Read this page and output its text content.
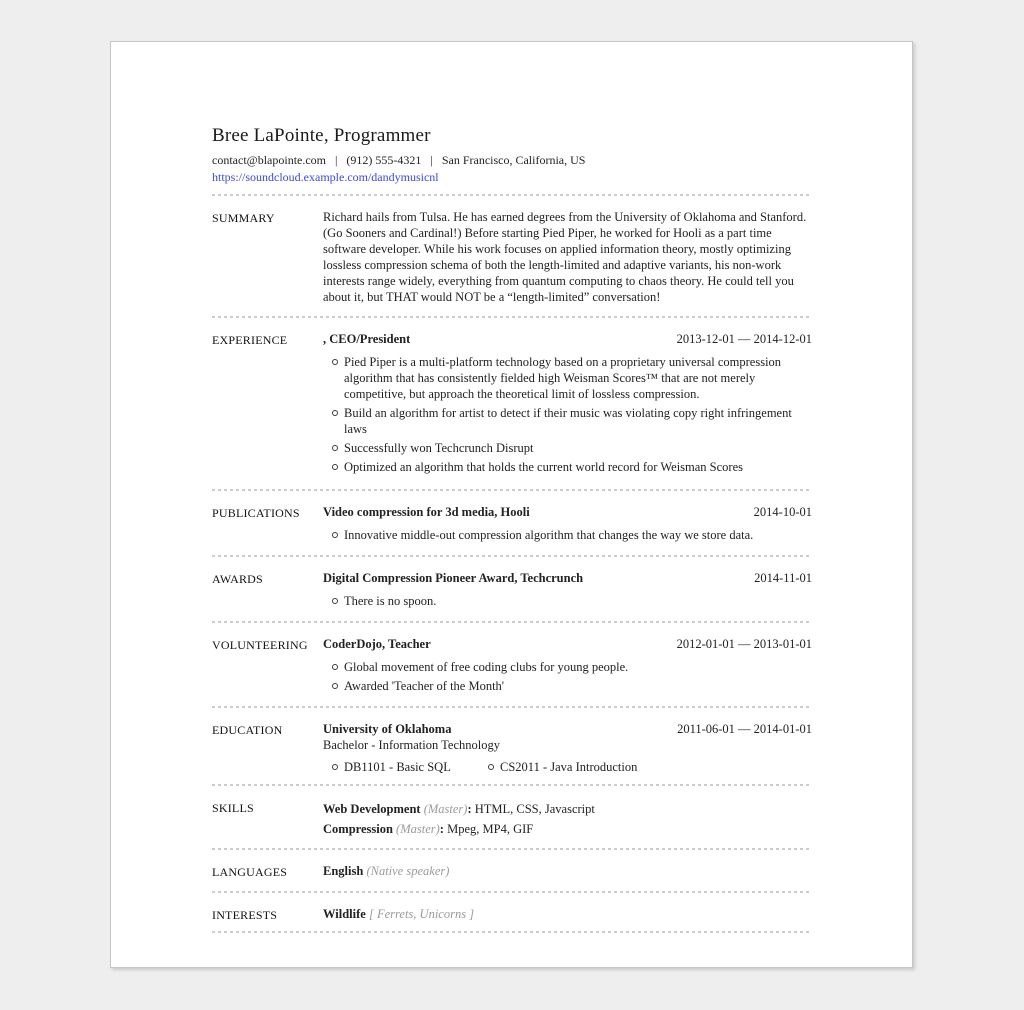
Bree LaPointe, Programmer
contact@blapointe.com | (912) 555-4321 | San Francisco, California, US
https://soundcloud.example.com/dandymusicnl
SUMMARY	Richard hails from Tulsa. He has earned degrees from the University of Oklahoma and Stanford. (Go Sooners and Cardinal!) Before starting Pied Piper, he worked for Hooli as a part time software developer. While his work focuses on applied information theory, mostly optimizing lossless compression schema of both the length-limited and adaptive variants, his non-work interests range widely, everything from quantum computing to chaos theory. He could tell you about it, but THAT would NOT be a “length-limited” conversation!

EXPERIENCE	, CEO/President	2013-12-01 — 2014-12-01
Pied Piper is a multi-platform technology based on a proprietary universal compression algorithm that has consistently fielded high Weisman Scores™ that are not merely competitive, but approach the theoretical limit of lossless compression.
Build an algorithm for artist to detect if their music was violating copy right infringement laws
Successfully won Techcrunch Disrupt
Optimized an algorithm that holds the current world record for Weisman Scores
PUBLICATIONS	Video compression for 3d media, Hooli	2014-10-01
Innovative middle-out compression algorithm that changes the way we store data.
AWARDS	Digital Compression Pioneer Award, Techcrunch	2014-11-01
There is no spoon.
VOLUNTEERING	CoderDojo, Teacher	2012-01-01 — 2013-01-01
Global movement of free coding clubs for young people.
Awarded 'Teacher of the Month'
EDUCATION	University of Oklahoma	2011-06-01 — 2014-01-01
Bachelor - Information Technology
DB1101 - Basic SQL	CS2011 - Java Introduction
SKILLS	Web Development (Master): HTML, CSS, Javascript
Compression (Master): Mpeg, MP4, GIF
LANGUAGES	English (Native speaker)
INTERESTS	Wildlife [ Ferrets, Unicorns ]
